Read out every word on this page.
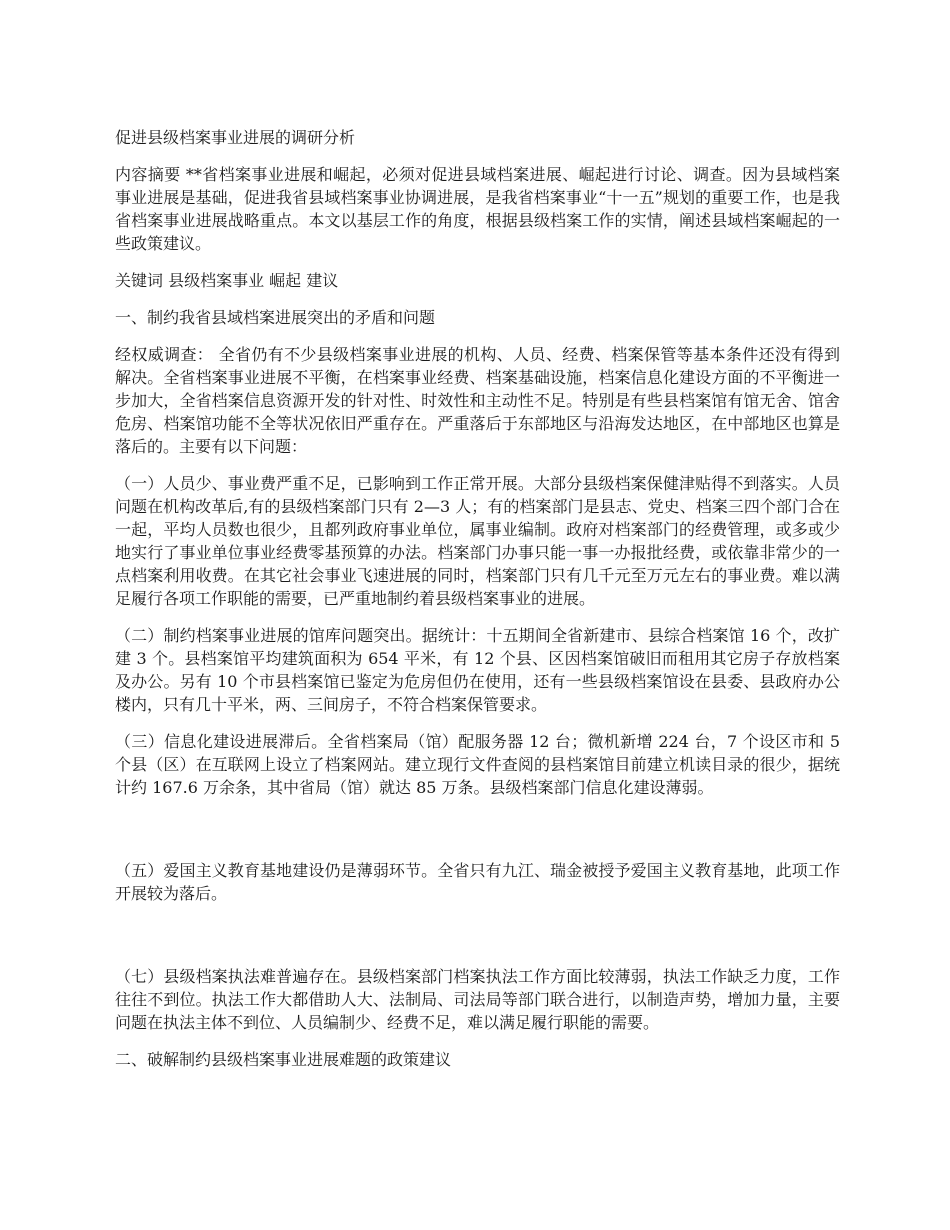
促进县级档案事业进展的调研分析

内容摘要 **省档案事业进展和崛起，必须对促进县域档案进展、崛起进行讨论、调查。因为县域档案事业进展是基础，促进我省县域档案事业协调进展，是我省档案事业“十一五”规划的重要工作，也是我省档案事业进展战略重点。本文以基层工作的角度，根据县级档案工作的实情，阐述县域档案崛起的一些政策建议。

关键词 县级档案事业 崛起 建议

一、制约我省县域档案进展突出的矛盾和问题

经权威调查： 全省仍有不少县级档案事业进展的机构、人员、经费、档案保管等基本条件还没有得到解决。全省档案事业进展不平衡，在档案事业经费、档案基础设施，档案信息化建设方面的不平衡进一步加大，全省档案信息资源开发的针对性、时效性和主动性不足。特别是有些县档案馆有馆无舍、馆舍危房、档案馆功能不全等状况依旧严重存在。严重落后于东部地区与沿海发达地区，在中部地区也算是落后的。主要有以下问题：

（一）人员少、事业费严重不足，已影响到工作正常开展。大部分县级档案保健津贴得不到落实。人员问题在机构改革后,有的县级档案部门只有 2—3 人；有的档案部门是县志、党史、档案三四个部门合在一起，平均人员数也很少，且都列政府事业单位，属事业编制。政府对档案部门的经费管理，或多或少地实行了事业单位事业经费零基预算的办法。档案部门办事只能一事一办报批经费，或依靠非常少的一点档案利用收费。在其它社会事业飞速进展的同时，档案部门只有几千元至万元左右的事业费。难以满足履行各项工作职能的需要，已严重地制约着县级档案事业的进展。

（二）制约档案事业进展的馆库问题突出。据统计：十五期间全省新建市、县综合档案馆 16 个，改扩建 3 个。县档案馆平均建筑面积为 654 平米，有 12 个县、区因档案馆破旧而租用其它房子存放档案及办公。另有 10 个市县档案馆已鉴定为危房但仍在使用，还有一些县级档案馆设在县委、县政府办公楼内，只有几十平米，两、三间房子，不符合档案保管要求。

（三）信息化建设进展滞后。全省档案局（馆）配服务器 12 台；微机新增 224 台，7 个设区市和 5 个县（区）在互联网上设立了档案网站。建立现行文件查阅的县档案馆目前建立机读目录的很少，据统计约 167.6 万余条，其中省局（馆）就达 85 万条。县级档案部门信息化建设薄弱。

（五）爱国主义教育基地建设仍是薄弱环节。全省只有九江、瑞金被授予爱国主义教育基地，此项工作开展较为落后。

（七）县级档案执法难普遍存在。县级档案部门档案执法工作方面比较薄弱，执法工作缺乏力度，工作往往不到位。执法工作大都借助人大、法制局、司法局等部门联合进行，以制造声势，增加力量，主要问题在执法主体不到位、人员编制少、经费不足，难以满足履行职能的需要。

二、破解制约县级档案事业进展难题的政策建议
